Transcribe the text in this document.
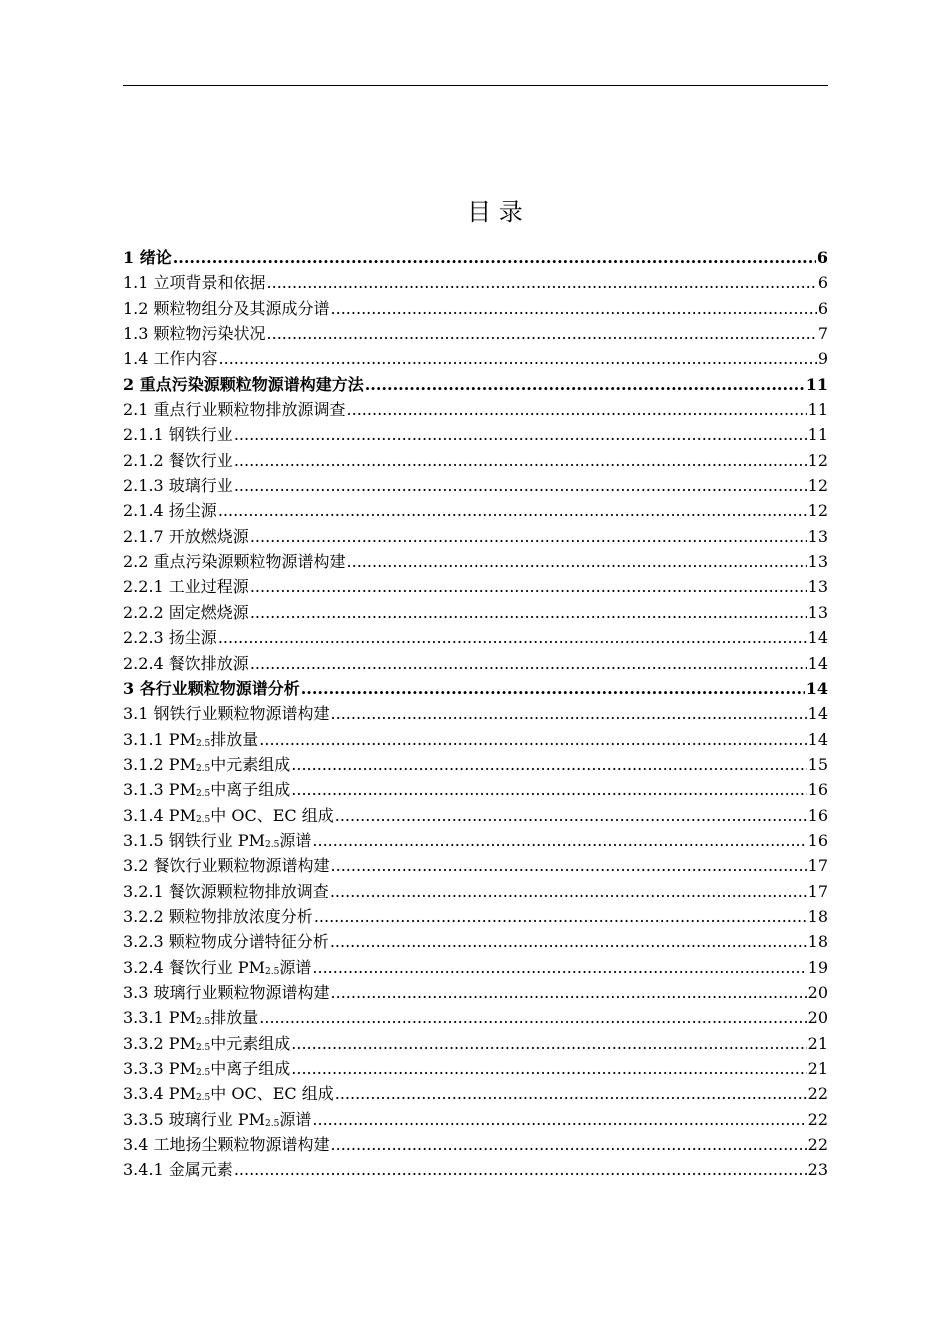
目 录
1 绪论 .....	6
1.1 立项背景和依据 .....	6
1.2 颗粒物组分及其源成分谱 .....	6
1.3 颗粒物污染状况 .....	7
1.4 工作内容 .....	9
2 重点污染源颗粒物源谱构建方法 .....	11
2.1 重点行业颗粒物排放源调查 .....	11
2.1.1 钢铁行业 .....	11
2.1.2 餐饮行业 .....	12
2.1.3 玻璃行业 .....	12
2.1.4 扬尘源 .....	12
2.1.7 开放燃烧源 .....	13
2.2 重点污染源颗粒物源谱构建 .....	13
2.2.1 工业过程源 .....	13
2.2.2 固定燃烧源 .....	13
2.2.3 扬尘源 .....	14
2.2.4 餐饮排放源 .....	14
3 各行业颗粒物源谱分析 .....	14
3.1 钢铁行业颗粒物源谱构建 .....	14
3.1.1 $PM_{2.5}$排放量 .....	14
3.1.2 $PM_{2.5}$中元素组成 .....	15
3.1.3 $PM_{2.5}$中离子组成 .....	16
3.1.4 $PM_{2.5}$中 OC、EC 组成 .....	16
3.1.5 钢铁行业 $PM_{2.5}$源谱 .....	16
3.2 餐饮行业颗粒物源谱构建 .....	17
3.2.1 餐饮源颗粒物排放调查 .....	17
3.2.2 颗粒物排放浓度分析 .....	18
3.2.3 颗粒物成分谱特征分析 .....	18
3.2.4 餐饮行业 $PM_{2.5}$源谱 .....	19
3.3 玻璃行业颗粒物源谱构建 .....	20
3.3.1 $PM_{2.5}$排放量 .....	20
3.3.2 $PM_{2.5}$中元素组成 .....	21
3.3.3 $PM_{2.5}$中离子组成 .....	21
3.3.4 $PM_{2.5}$中 OC、EC 组成 .....	22
3.3.5 玻璃行业 $PM_{2.5}$源谱 .....	22
3.4 工地扬尘颗粒物源谱构建 .....	22
3.4.1 金属元素 .....	23
